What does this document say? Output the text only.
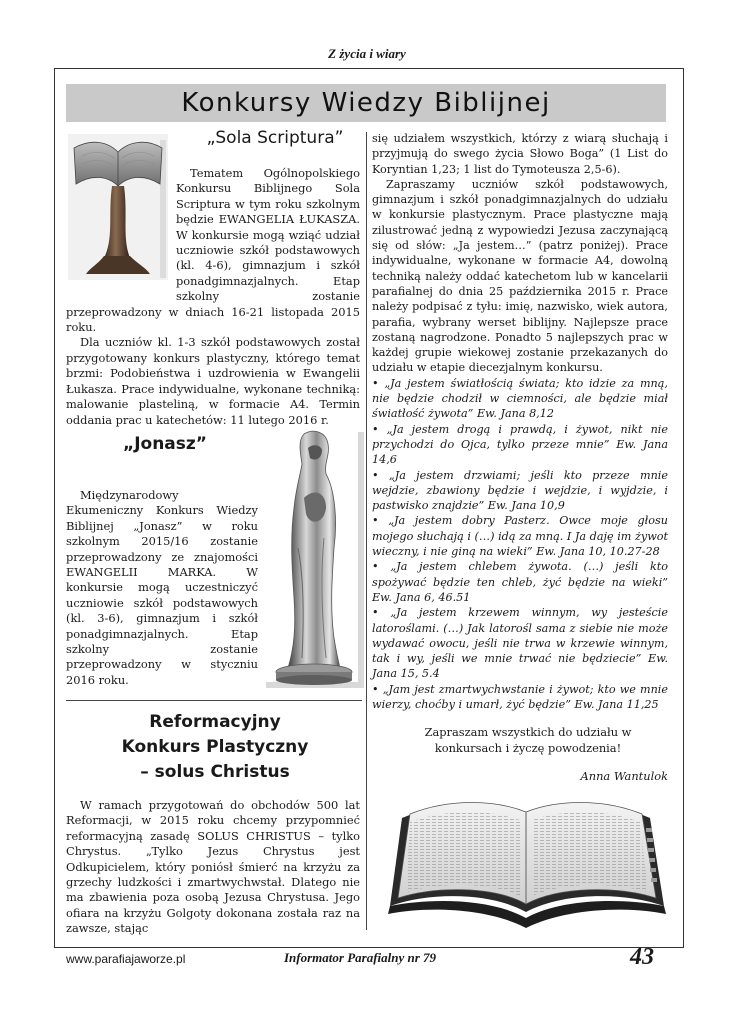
Z życia i wiary
Konkursy Wiedzy Biblijnej
„Sola Scriptura”

Tematem Ogólnopolskiego Konkursu Biblijnego Sola Scriptura w tym roku szkolnym będzie EWANGELIA ŁUKASZA. W konkursie mogą wziąć udział uczniowie szkół podstawowych (kl. 4-6), gimnazjum i szkół ponadgimnazjalnych. Etap szkolny zostanie przeprowadzony w dniach 16-21 listopada 2015 roku.

Dla uczniów kl. 1-3 szkół podstawowych został przygotowany konkurs plastyczny, którego temat brzmi: Podobieństwa i uzdrowienia w Ewangelii Łukasza. Prace indywidualne, wykonane techniką: malowanie plasteliną, w formacie A4. Termin oddania prac u katechetów: 11 lutego 2016 r.

„Jonasz”

Międzynarodowy Ekumeniczny Konkurs Wiedzy Biblijnej „Jonasz” w roku szkolnym 2015/16 zostanie przeprowadzony ze znajomości EWANGELII MARKA. W konkursie mogą uczestniczyć uczniowie szkół podstawowych (kl. 3-6), gimnazjum i szkół ponadgimnazjalnych. Etap szkolny zostanie przeprowadzony w styczniu 2016 roku.

Reformacyjny
Konkurs Plastyczny
– solus Christus

W ramach przygotowań do obchodów 500 lat Reformacji, w 2015 roku chcemy przypomnieć reformacyjną zasadę SOLUS CHRISTUS – tylko Chrystus. „Tylko Jezus Chrystus jest Odkupicielem, który poniósł śmierć na krzyżu za grzechy ludzkości i zmartwychwstał. Dlatego nie ma zbawienia poza osobą Jezusa Chrystusa. Jego ofiara na krzyżu Golgoty dokonana została raz na zawsze, stając

się udziałem wszystkich, którzy z wiarą słuchają i przyjmują do swego życia Słowo Boga” (1 List do Koryntian 1,23; 1 list do Tymoteusza 2,5-6).

Zapraszamy uczniów szkół podstawowych, gimnazjum i szkół ponadgimnazjalnych do udziału w konkursie plastycznym. Prace plastyczne mają zilustrować jedną z wypowiedzi Jezusa zaczynającą się od słów: „Ja jestem…” (patrz poniżej). Prace indywidualne, wykonane w formacie A4, dowolną techniką należy oddać katechetom lub w kancelarii parafialnej do dnia 25 października 2015 r. Prace należy podpisać z tyłu: imię, nazwisko, wiek autora, parafia, wybrany werset biblijny. Najlepsze prace zostaną nagrodzone. Ponadto 5 najlepszych prac w każdej grupie wiekowej zostanie przekazanych do udziału w etapie diecezjalnym konkursu.

• „Ja jestem światłością świata; kto idzie za mną, nie będzie chodził w ciemności, ale będzie miał światłość żywota” Ew. Jana 8,12

• „Ja jestem drogą i prawdą, i żywot, nikt nie przychodzi do Ojca, tylko przeze mnie” Ew. Jana 14,6

• „Ja jestem drzwiami; jeśli kto przeze mnie wejdzie, zbawiony będzie i wejdzie, i wyjdzie, i pastwisko znajdzie” Ew. Jana 10,9

• „Ja jestem dobry Pasterz. Owce moje głosu mojego słuchają i (…) idą za mną. I Ja daję im żywot wieczny, i nie giną na wieki” Ew. Jana 10, 10.27-28

• „Ja jestem chlebem żywota. (…) jeśli kto spożywać będzie ten chleb, żyć będzie na wieki” Ew. Jana 6, 46.51

• „Ja jestem krzewem winnym, wy jesteście latoroślami. (…) Jak latorośl sama z siebie nie może wydawać owocu, jeśli nie trwa w krzewie winnym, tak i wy, jeśli we mnie trwać nie będziecie” Ew. Jana 15, 5.4

• „Jam jest zmartwychwstanie i żywot; kto we mnie wierzy, choćby i umarł, żyć będzie” Ew. Jana 11,25

Zapraszam wszystkich do udziału w konkursach i życzę powodzenia!
Anna Wantulok
www.parafiajaworze.pl	Informator Parafialny nr 79	43
